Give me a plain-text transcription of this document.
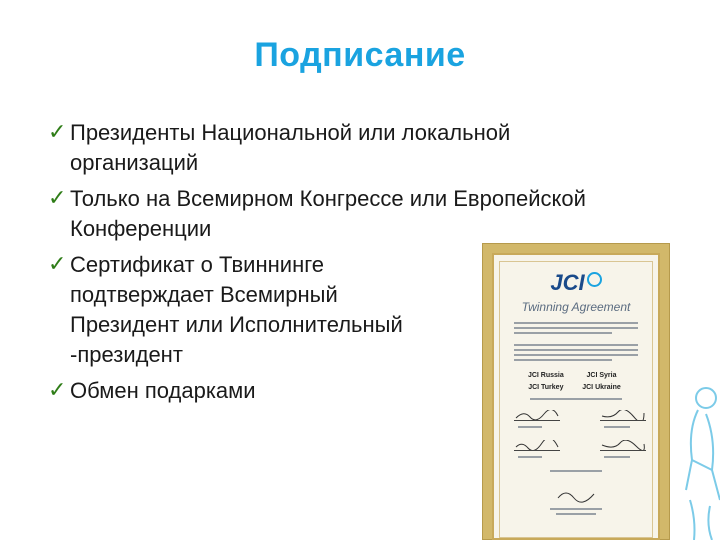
Подписание
✓ Президенты Национальной или локальной
организаций
✓ Только на Всемирном Конгрессе или Европейской
Конференции
✓ Сертификат о Твиннинге
подтверждает Всемирный
Президент или Исполнительный
-президент
✓ Обмен подарками
JCI
Twinning Agreement
JCI Russia	JCI Syria
JCI Turkey	JCI Ukraine
